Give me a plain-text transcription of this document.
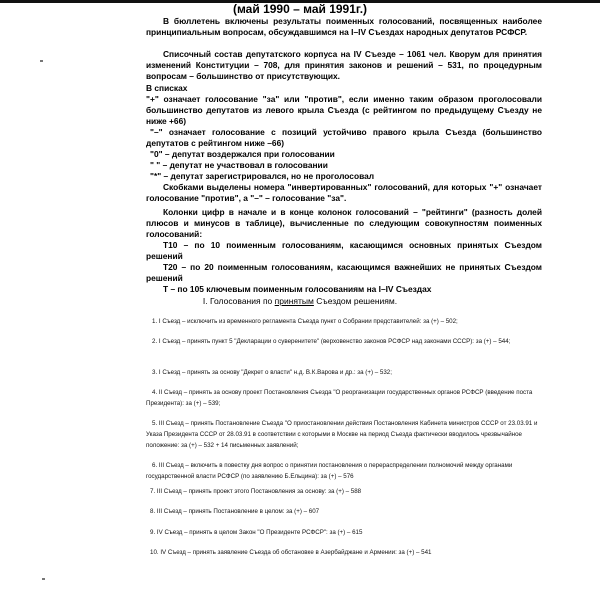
(май 1990 – май 1991г.)

В бюллетень включены результаты поименных голосований, посвященных наиболее принципиальным вопросам, обсуждавшимся на I–IV Съездах народных депутатов РСФСР.

Списочный состав депутатского корпуса на IV Съезде – 1061 чел. Кворум для принятия изменений Конституции – 708, для принятия законов и решений – 531, по процедурным вопросам – большинство от присутствующих.

В списках

"+" означает голосование "за" или "против", если именно таким образом проголосовали большинство депутатов из левого крыла Съезда (с рейтингом по предыдущему Съезду не ниже +66)

"–" означает голосование с позиций устойчиво правого крыла Съезда (большинство депутатов с рейтингом ниже –66)

"0" – депутат воздержался при голосовании

" " – депутат не участвовал в голосовании

"*" – депутат зарегистрировался, но не проголосовал

Скобками выделены номера "инвертированных" голосований, для которых "+" означает голосование "против", а "–" – голосование "за".

Колонки цифр в начале и в конце колонок голосований – "рейтинги" (разность долей плюсов и минусов в таблице), вычисленные по следующим совокупностям поименных голосований:

Т10 – по 10 поименным голосованиям, касающимся основных принятых Съездом решений

Т20 – по 20 поименным голосованиям, касающимся важнейших не принятых Съездом решений

Т – по 105 ключевым поименным голосованиям на I–IV Съездах

I. Голосования по принятым Съездом решениям.

1. I Съезд – исключить из временного регламента Съезда пункт о Собрании представителей: за (+) – 502;

2. I Съезд – принять пункт 5 "Декларации о суверенитете" (верховенство законов РСФСР над законами СССР): за (+) – 544;

3. I Съезд – принять за основу "Декрет о власти" н.д. В.К.Варова и др.: за (+) – 532;

4. II Съезд – принять за основу проект Постановления Съезда "О реорганизации государственных органов РСФСР (введение поста Президента): за (+) – 539;

5. III Съезд – принять Постановление Съезда "О приостановлении действия Постановления Кабинета министров СССР от 23.03.91 и Указа Президента СССР от 28.03.91 в соответствии с которыми в Москве на период Съезда фактически вводилось чрезвычайное положение: за (+) – 532 + 14 письменных заявлений;

6. III Съезд – включить в повестку дня вопрос о принятии постановления о перераспределении полномочий между органами государственной власти РСФСР (по заявлению Б.Ельцина): за (+) – 576

7. III Съезд – принять проект этого Постановления за основу: за (+) – 588

8. III Съезд – принять Постановление в целом: за (+) – 607

9. IV Съезд – принять в целом Закон "О Президенте РСФСР": за (+) – 615

10. IV Съезд – принять заявление Съезда об обстановке в Азербайджане и Армении: за (+) – 541
